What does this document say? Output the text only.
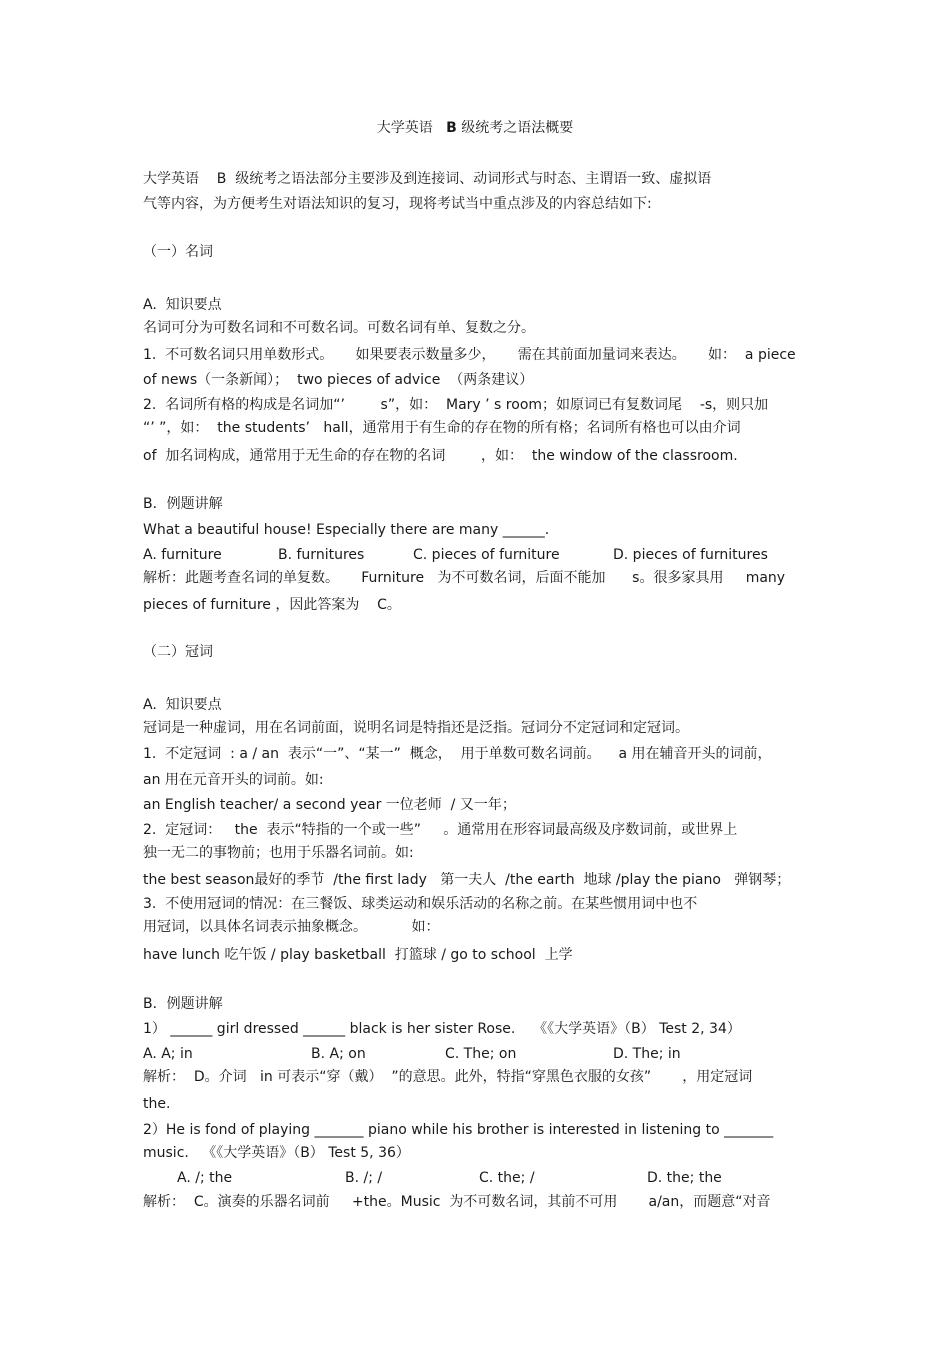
大学英语   B 级统考之语法概要
大学英语    B  级统考之语法部分主要涉及到连接词、动词形式与时态、主谓语一致、虚拟语
气等内容，为方便考生对语法知识的复习，现将考试当中重点涉及的内容总结如下:
（一）名词
A.  知识要点
名词可分为可数名词和不可数名词。可数名词有单、复数之分。
1.  不可数名词只用单数形式。     如果要表示数量多少，     需在其前面加量词来表达。     如：  a piece
of news（一条新闻）；  two pieces of advice  （两条建议）
2.  名词所有格的构成是名词加“’        s”，如：  Mary ’ s room；如原词已有复数词尾    -s，则只加
“’ ”，如：  the students’   hall，通常用于有生命的存在物的所有格；名词所有格也可以由介词
of  加名词构成，通常用于无生命的存在物的名词        ，如：  the window of the classroom.
B．例题讲解
What a beautiful house! Especially there are many ______.
A. furniture	B. furnitures	C. pieces of furniture	D. pieces of furnitures
解析：此题考查名词的单复数。     Furniture   为不可数名词，后面不能加      s。很多家具用     many
pieces of furniture ，因此答案为    C。
（二）冠词
A.  知识要点
冠词是一种虚词，用在名词前面，说明名词是特指还是泛指。冠词分不定冠词和定冠词。
1.  不定冠词  : a / an  表示“一”、“某一”  概念，  用于单数可数名词前。    a 用在辅音开头的词前，
an 用在元音开头的词前。如:
an English teacher/ a second year 一位老师  / 又一年；
2.  定冠词：   the  表示“特指的一个或一些”     。通常用在形容词最高级及序数词前，或世界上
独一无二的事物前；也用于乐器名词前。如:
the best season最好的季节  /the first lady   第一夫人  /the earth  地球 /play the piano   弹钢琴；
3.  不使用冠词的情况：在三餐饭、球类运动和娱乐活动的名称之前。在某些惯用词中也不
用冠词，以具体名词表示抽象概念。          如：
have lunch 吃午饭 / play basketball  打篮球 / go to school  上学
B．例题讲解
1） ______ girl dressed ______ black is her sister Rose.    《《大学英语》（B） Test 2, 34）
A. A; in	B. A; on	C. The; on	D. The; in
解析：  D。介词   in 可表示“穿（戴）  ”的意思。此外，特指“穿黑色衣服的女孩”       ，用定冠词
the.
2）He is fond of playing _______ piano while his brother is interested in listening to _______
music.   《《大学英语》（B） Test 5, 36）
A. /; the	B. /; /	C. the; /	D. the; the
解析：  C。演奏的乐器名词前     +the。Music  为不可数名词，其前不可用       a/an，而题意“对音
